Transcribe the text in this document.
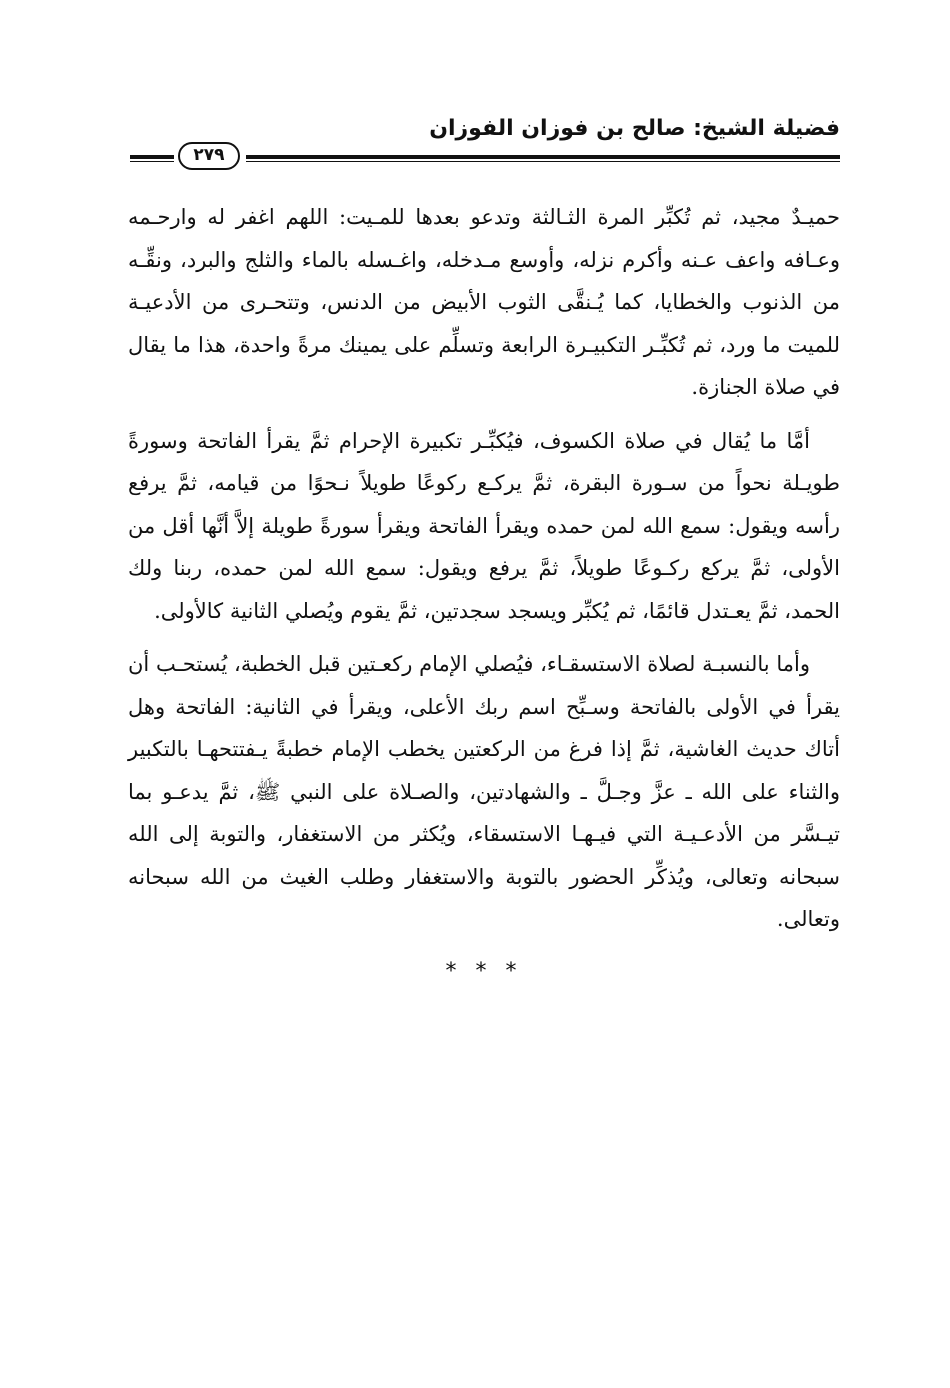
فضيلة الشيخ: صالح بن فوزان الفوزان
٢٧٩

حميـدٌ مجيد، ثم تُكبِّر المرة الثـالثة وتدعو بعدها للمـيت: اللهم اغفر له وارحـمه وعـافه واعف عـنه وأكرم نزله، وأوسع مـدخله، واغـسله بالماء والثلج والبرد، ونقِّـه من الذنوب والخطايا، كما يُـنقَّى الثوب الأبيض من الدنس، وتتحـرى من الأدعيـة للميت ما ورد، ثم تُكبِّـر التكبيـرة الرابعة وتسلِّم على يمينك مرةً واحدة، هذا ما يقال في صلاة الجنازة.

أمَّا ما يُقال في صلاة الكسوف، فيُكبِّـر تكبيرة الإحرام ثمَّ يقرأ الفاتحة وسورةً طويـلة نحواً من سـورة البقرة، ثمَّ يركـع ركوعًا طويلاً نـحوًا من قيامه، ثمَّ يرفع رأسه ويقول: سمع الله لمن حمده ويقرأ الفاتحة ويقرأ سورةً طويلة إلاَّ أنَّها أقل من الأولى، ثمَّ يركع ركـوعًا طويلاً، ثمَّ يرفع ويقول: سمع الله لمن حمده، ربنا ولك الحمد، ثمَّ يعـتدل قائمًا، ثم يُكبِّر ويسجد سجدتين، ثمَّ يقوم ويُصلي الثانية كالأولى.

وأما بالنسبـة لصلاة الاستسقـاء، فيُصلي الإمام ركعـتين قبل الخطبة، يُستحـب أن يقرأ في الأولى بالفاتحة وسـبِّح اسم ربك الأعلى، ويقرأ في الثانية: الفاتحة وهل أتاك حديث الغاشية، ثمَّ إذا فرغ من الركعتين يخطب الإمام خطبةً يـفتتحهـا بالتكبير والثناء على الله ـ عزَّ وجـلَّ ـ والشهادتين، والصـلاة على النبي ﷺ، ثمَّ يدعـو بما تيـسَّر من الأدعـيـة التي فيـهـا الاستسقاء، ويُكثر من الاستغفار، والتوبة إلى الله سبحانه وتعالى، ويُذكِّر الحضور بالتوبة والاستغفار وطلب الغيث من الله سبحانه وتعالى.

* * *
